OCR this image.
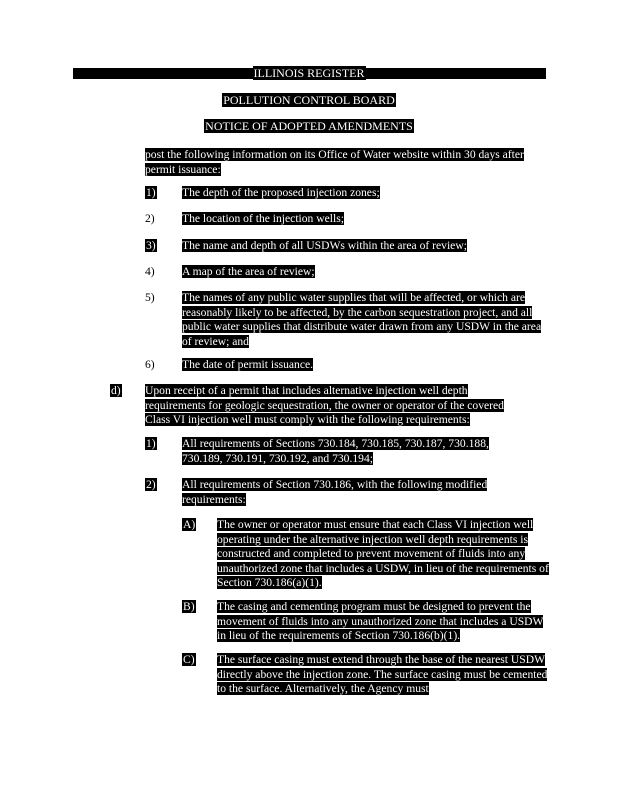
ILLINOIS REGISTER
POLLUTION CONTROL BOARD
NOTICE OF ADOPTED AMENDMENTS

post the following information on its Office of Water website within 30 days after permit issuance:

1) The depth of the proposed injection zones;

2) The location of the injection wells;

3) The name and depth of all USDWs within the area of review;

4) A map of the area of review;

5) The names of any public water supplies that will be affected, or which are reasonably likely to be affected, by the carbon sequestration project, and all public water supplies that distribute water drawn from any USDW in the area of review; and

6) The date of permit issuance.

d) Upon receipt of a permit that includes alternative injection well depth requirements for geologic sequestration, the owner or operator of the covered Class VI injection well must comply with the following requirements:

1) All requirements of Sections 730.184, 730.185, 730.187, 730.188, 730.189, 730.191, 730.192, and 730.194;

2) All requirements of Section 730.186, with the following modified requirements:

A) The owner or operator must ensure that each Class VI injection well operating under the alternative injection well depth requirements is constructed and completed to prevent movement of fluids into any unauthorized zone that includes a USDW, in lieu of the requirements of Section 730.186(a)(1).

B) The casing and cementing program must be designed to prevent the movement of fluids into any unauthorized zone that includes a USDW in lieu of the requirements of Section 730.186(b)(1).

C) The surface casing must extend through the base of the nearest USDW directly above the injection zone. The surface casing must be cemented to the surface. Alternatively, the Agency must
